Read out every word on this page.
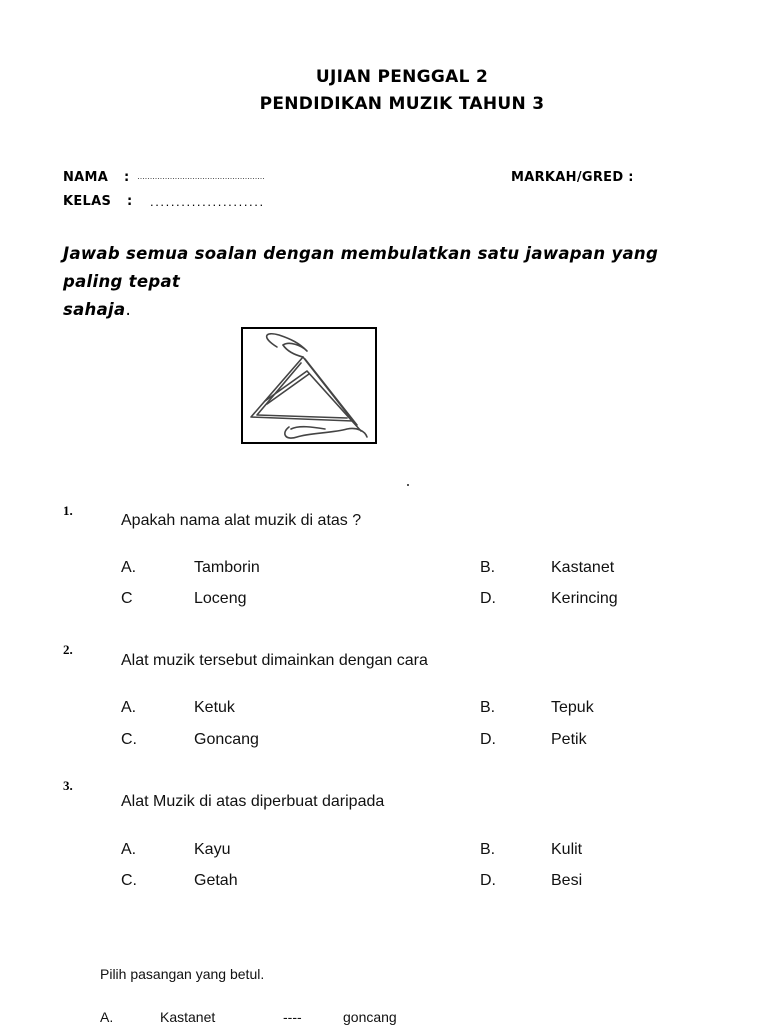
UJIAN PENGGAL 2
PENDIDIKAN MUZIK TAHUN 3
NAMA : ……………………………………………
KELAS : ......................
MARKAH/GRED :
Jawab semua soalan dengan membulatkan satu jawapan yang paling tepat
sahaja.
1.
Apakah nama alat muzik di atas ?
A.	Tamborin	B.	Kastanet
C	Loceng	D.	Kerincing
2.
Alat muzik tersebut dimainkan dengan cara
A.	Ketuk	B.	Tepuk
C.	Goncang	D.	Petik
3.
Alat Muzik di atas diperbuat daripada
A.	Kayu	B.	Kulit
C.	Getah	D.	Besi
Pilih pasangan yang betul.
A.	Kastanet	----	goncang
